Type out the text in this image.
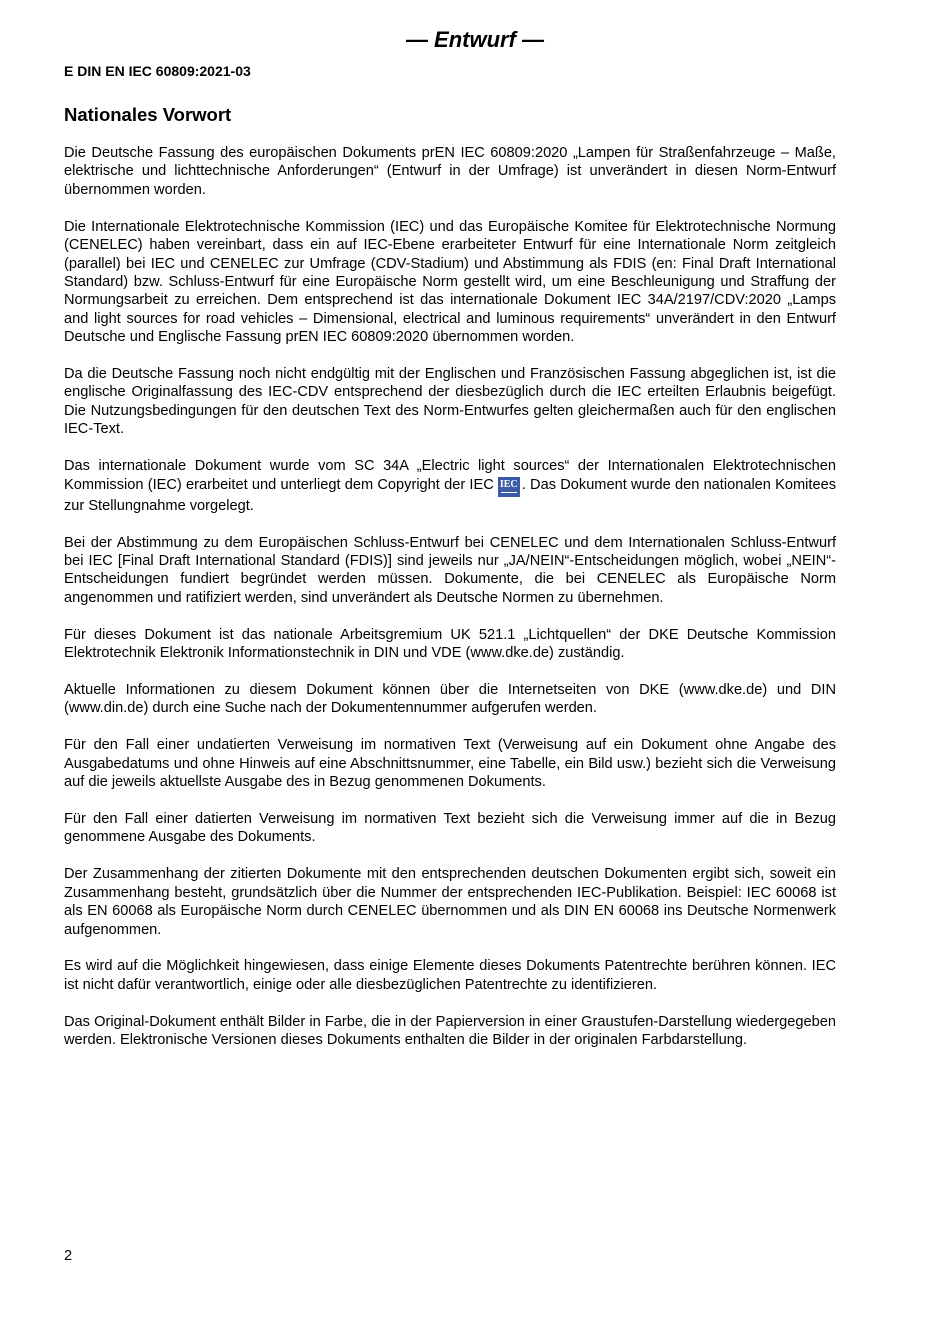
— Entwurf —
E DIN EN IEC 60809:2021-03
Nationales Vorwort

Die Deutsche Fassung des europäischen Dokuments prEN IEC 60809:2020 „Lampen für Straßenfahrzeuge – Maße, elektrische und lichttechnische Anforderungen“ (Entwurf in der Umfrage) ist unverändert in diesen Norm-Entwurf übernommen worden.

Die Internationale Elektrotechnische Kommission (IEC) und das Europäische Komitee für Elektrotechnische Normung (CENELEC) haben vereinbart, dass ein auf IEC-Ebene erarbeiteter Entwurf für eine Internationale Norm zeitgleich (parallel) bei IEC und CENELEC zur Umfrage (CDV-Stadium) und Abstimmung als FDIS (en: Final Draft International Standard) bzw. Schluss-Entwurf für eine Europäische Norm gestellt wird, um eine Beschleunigung und Straffung der Normungsarbeit zu erreichen. Dem entsprechend ist das internationale Dokument IEC 34A/2197/CDV:2020 „Lamps and light sources for road vehicles – Dimensional, electrical and luminous requirements“ unverändert in den Entwurf Deutsche und Englische Fassung prEN IEC 60809:2020 übernommen worden.

Da die Deutsche Fassung noch nicht endgültig mit der Englischen und Französischen Fassung abgeglichen ist, ist die englische Originalfassung des IEC-CDV entsprechend der diesbezüglich durch die IEC erteilten Erlaubnis beigefügt. Die Nutzungsbedingungen für den deutschen Text des Norm-Entwurfes gelten gleichermaßen auch für den englischen IEC-Text.

Das internationale Dokument wurde vom SC 34A „Electric light sources“ der Internationalen Elektrotechnischen Kommission (IEC) erarbeitet und unterliegt dem Copyright der IEC IEC . Das Dokument wurde den nationalen Komitees zur Stellungnahme vorgelegt.

Bei der Abstimmung zu dem Europäischen Schluss-Entwurf bei CENELEC und dem Internationalen Schluss-Entwurf bei IEC [Final Draft International Standard (FDIS)] sind jeweils nur „JA/NEIN“-Entscheidungen möglich, wobei „NEIN“-Entscheidungen fundiert begründet werden müssen. Dokumente, die bei CENELEC als Europäische Norm angenommen und ratifiziert werden, sind unverändert als Deutsche Normen zu übernehmen.

Für dieses Dokument ist das nationale Arbeitsgremium UK 521.1 „Lichtquellen“ der DKE Deutsche Kommission Elektrotechnik Elektronik Informationstechnik in DIN und VDE (www.dke.de) zuständig.

Aktuelle Informationen zu diesem Dokument können über die Internetseiten von DKE (www.dke.de) und DIN (www.din.de) durch eine Suche nach der Dokumentennummer aufgerufen werden.

Für den Fall einer undatierten Verweisung im normativen Text (Verweisung auf ein Dokument ohne Angabe des Ausgabedatums und ohne Hinweis auf eine Abschnittsnummer, eine Tabelle, ein Bild usw.) bezieht sich die Verweisung auf die jeweils aktuellste Ausgabe des in Bezug genommenen Dokuments.

Für den Fall einer datierten Verweisung im normativen Text bezieht sich die Verweisung immer auf die in Bezug genommene Ausgabe des Dokuments.

Der Zusammenhang der zitierten Dokumente mit den entsprechenden deutschen Dokumenten ergibt sich, soweit ein Zusammenhang besteht, grundsätzlich über die Nummer der entsprechenden IEC-Publikation. Beispiel: IEC 60068 ist als EN 60068 als Europäische Norm durch CENELEC übernommen und als DIN EN 60068 ins Deutsche Normenwerk aufgenommen.

Es wird auf die Möglichkeit hingewiesen, dass einige Elemente dieses Dokuments Patentrechte berühren können. IEC ist nicht dafür verantwortlich, einige oder alle diesbezüglichen Patentrechte zu identifizieren.

Das Original-Dokument enthält Bilder in Farbe, die in der Papierversion in einer Graustufen-Darstellung wiedergegeben werden. Elektronische Versionen dieses Dokuments enthalten die Bilder in der originalen Farbdarstellung.

2
